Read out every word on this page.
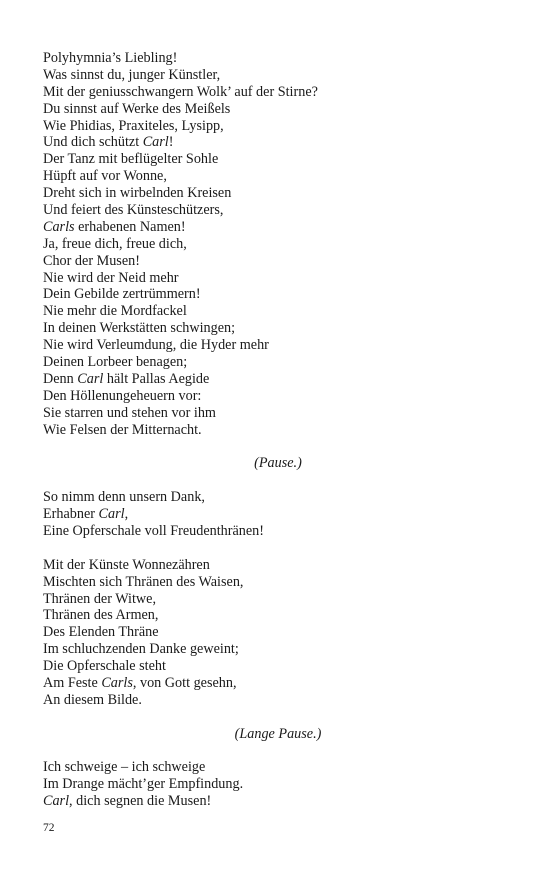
Polyhymnia’s Liebling!
Was sinnst du, junger Künstler,
Mit der geniusschwangern Wolk’ auf der Stirne?
Du sinnst auf Werke des Meißels
Wie Phidias, Praxiteles, Lysipp,
Und dich schützt Carl!
Der Tanz mit beflügelter Sohle
Hüpft auf vor Wonne,
Dreht sich in wirbelnden Kreisen
Und feiert des Künsteschützers,
Carls erhabenen Namen!
Ja, freue dich, freue dich,
Chor der Musen!
Nie wird der Neid mehr
Dein Gebilde zertrümmern!
Nie mehr die Mordfackel
In deinen Werkstätten schwingen;
Nie wird Verleumdung, die Hyder mehr
Deinen Lorbeer benagen;
Denn Carl hält Pallas Aegide
Den Höllenungeheuern vor:
Sie starren und stehen vor ihm
Wie Felsen der Mitternacht.
(Pause.)
So nimm denn unsern Dank,
Erhabner Carl,
Eine Opferschale voll Freudenthränen!
Mit der Künste Wonnezähren
Mischten sich Thränen des Waisen,
Thränen der Witwe,
Thränen des Armen,
Des Elenden Thräne
Im schluchzenden Danke geweint;
Die Opferschale steht
Am Feste Carls, von Gott gesehn,
An diesem Bilde.
(Lange Pause.)
Ich schweige – ich schweige
Im Drange mächt’ger Empfindung.
Carl, dich segnen die Musen!
72
